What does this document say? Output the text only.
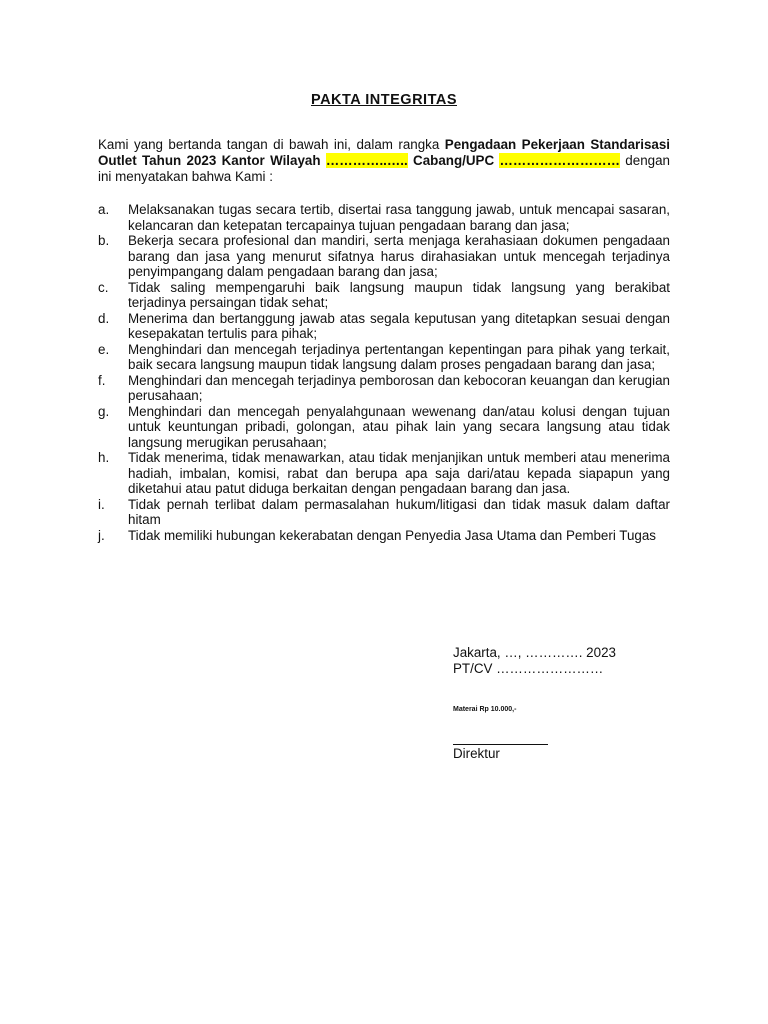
PAKTA INTEGRITAS
Kami yang bertanda tangan di bawah ini, dalam rangka Pengadaan Pekerjaan Standarisasi Outlet Tahun 2023 Kantor Wilayah …………..….. Cabang/UPC ……………………… dengan ini menyatakan bahwa Kami :
a.	Melaksanakan tugas secara tertib, disertai rasa tanggung jawab, untuk mencapai sasaran, kelancaran dan ketepatan tercapainya tujuan pengadaan barang dan jasa;
b.	Bekerja secara profesional dan mandiri, serta menjaga kerahasiaan dokumen pengadaan barang dan jasa yang menurut sifatnya harus dirahasiakan untuk mencegah terjadinya penyimpangang dalam pengadaan barang dan jasa;
c.	Tidak saling mempengaruhi baik langsung maupun tidak langsung yang berakibat terjadinya persaingan tidak sehat;
d.	Menerima dan bertanggung jawab atas segala keputusan yang ditetapkan sesuai dengan kesepakatan tertulis para pihak;
e.	Menghindari dan mencegah terjadinya pertentangan kepentingan para pihak yang terkait, baik secara langsung maupun tidak langsung dalam proses pengadaan barang dan jasa;
f.	Menghindari dan mencegah terjadinya pemborosan dan kebocoran keuangan dan kerugian perusahaan;
g.	Menghindari dan mencegah penyalahgunaan wewenang dan/atau kolusi dengan tujuan untuk keuntungan pribadi, golongan, atau pihak lain yang secara langsung atau tidak langsung merugikan perusahaan;
h.	Tidak menerima, tidak menawarkan, atau tidak menjanjikan untuk memberi atau menerima hadiah, imbalan, komisi, rabat dan berupa apa saja dari/atau kepada siapapun yang diketahui atau patut diduga berkaitan dengan pengadaan barang dan jasa.
i.	Tidak pernah terlibat dalam permasalahan hukum/litigasi dan tidak masuk dalam daftar hitam
j.	Tidak memiliki hubungan kekerabatan dengan Penyedia Jasa Utama dan Pemberi Tugas
Jakarta, …, …………. 2023
PT/CV ……………………
Materai Rp 10.000,-
Direktur
